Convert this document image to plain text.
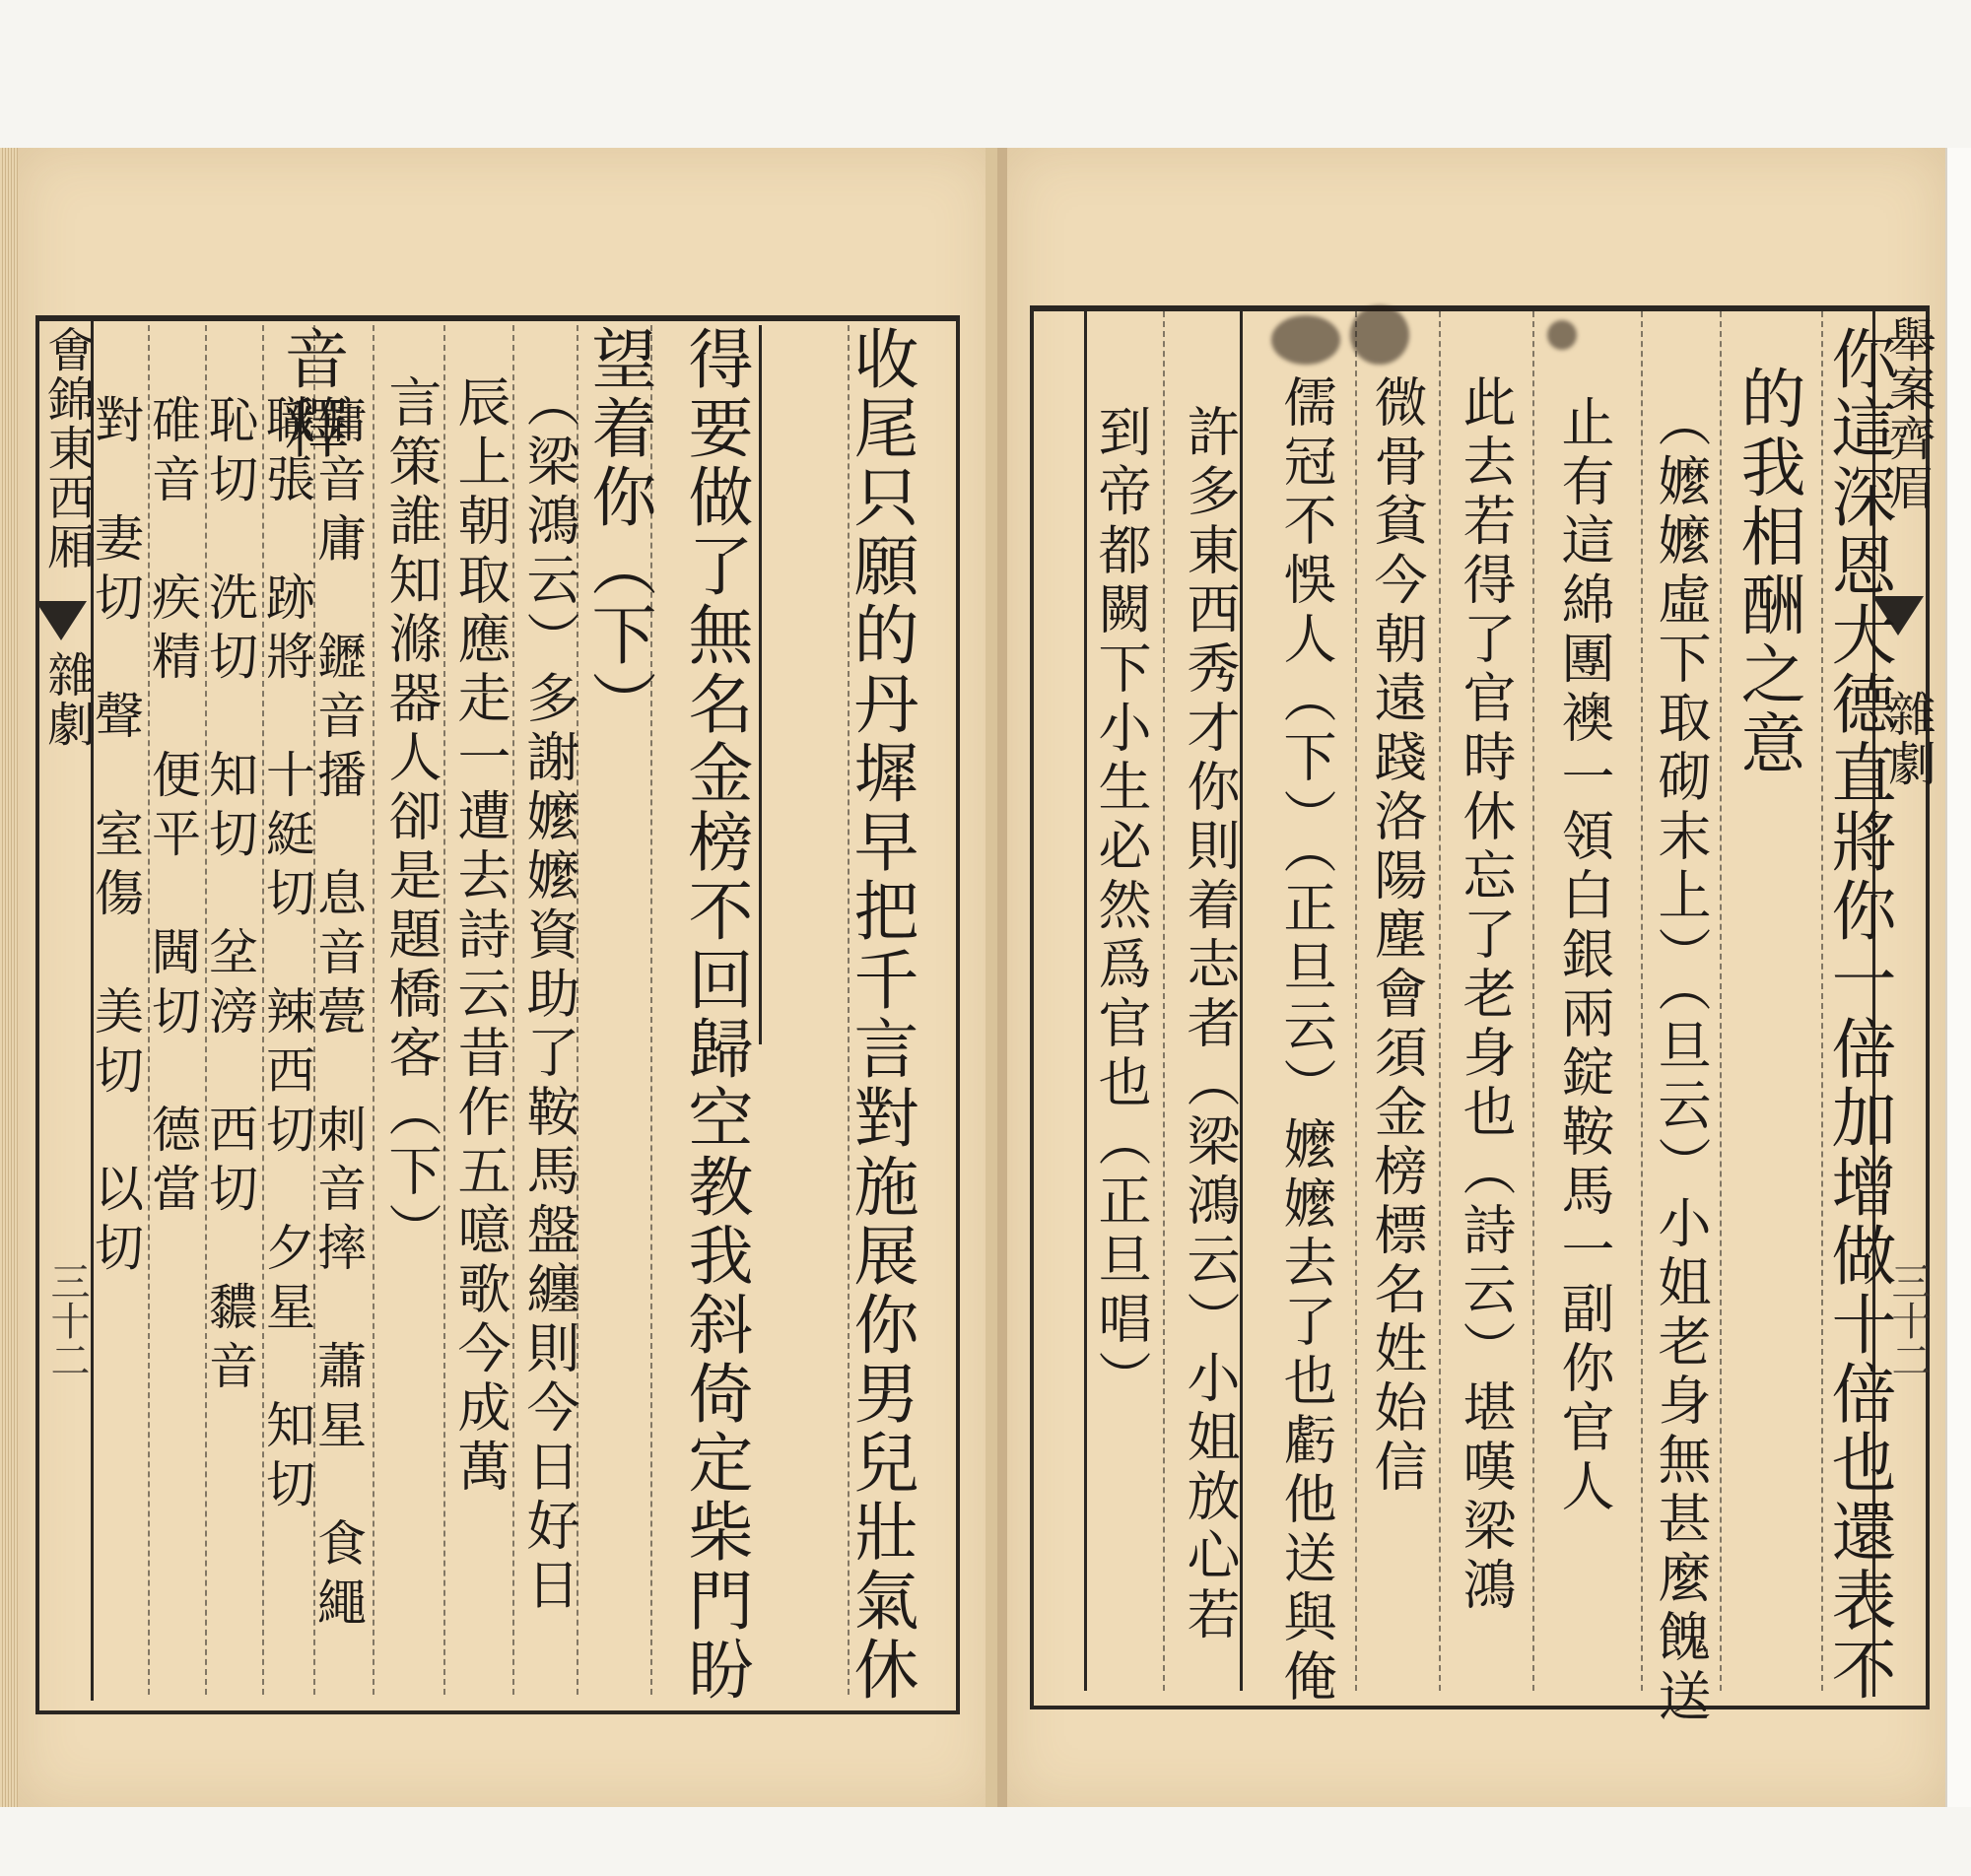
㑹錦東西厢
雜劇
三十二
對　妻切　聲　室傷　美切　以切 碓音　疾精　便平　閪切　德當 恥切　洗切　知切　坌滂　西切　䵜音 職張　跡將　十綎切　辣西切　夕星　知切
傭音庸　䥶音播　息音甍　刺音摔　蕭星　食繩
音釋 言策誰知滌器人卻是題橋客（下） 辰上朝取應走一遭去詩云昔作五噫歌今成萬 （梁鴻云）多謝嬤嬤資助了鞍馬盤纏則今日好日 望着你（下） 得要做了無名金榜不回歸空教我斜倚定柴門盼 收尾只願的丹墀早把千言對施展你男兒壯氣休	舉案齊眉
雜劇
三十二
你這深恩大德直將你一倍加增做十倍也還表不
的我相酬之意
（嬤嬤虛下取砌末上）（旦云）小姐老身無甚麼餽送
止有這綿團襖一領白銀兩錠鞍馬一副你官人
此去若得了官時休忘了老身也（詩云）堪嘆梁鴻
微骨貧今朝遠踐洛陽塵會須金榜標名姓始信
儒冠不悞人（下）（正旦云）嬤嬤去了也虧他送與俺
許多東西秀才你則着志者（梁鴻云）小姐放心若
到帝都闕下小生必然爲官也（正旦唱）
